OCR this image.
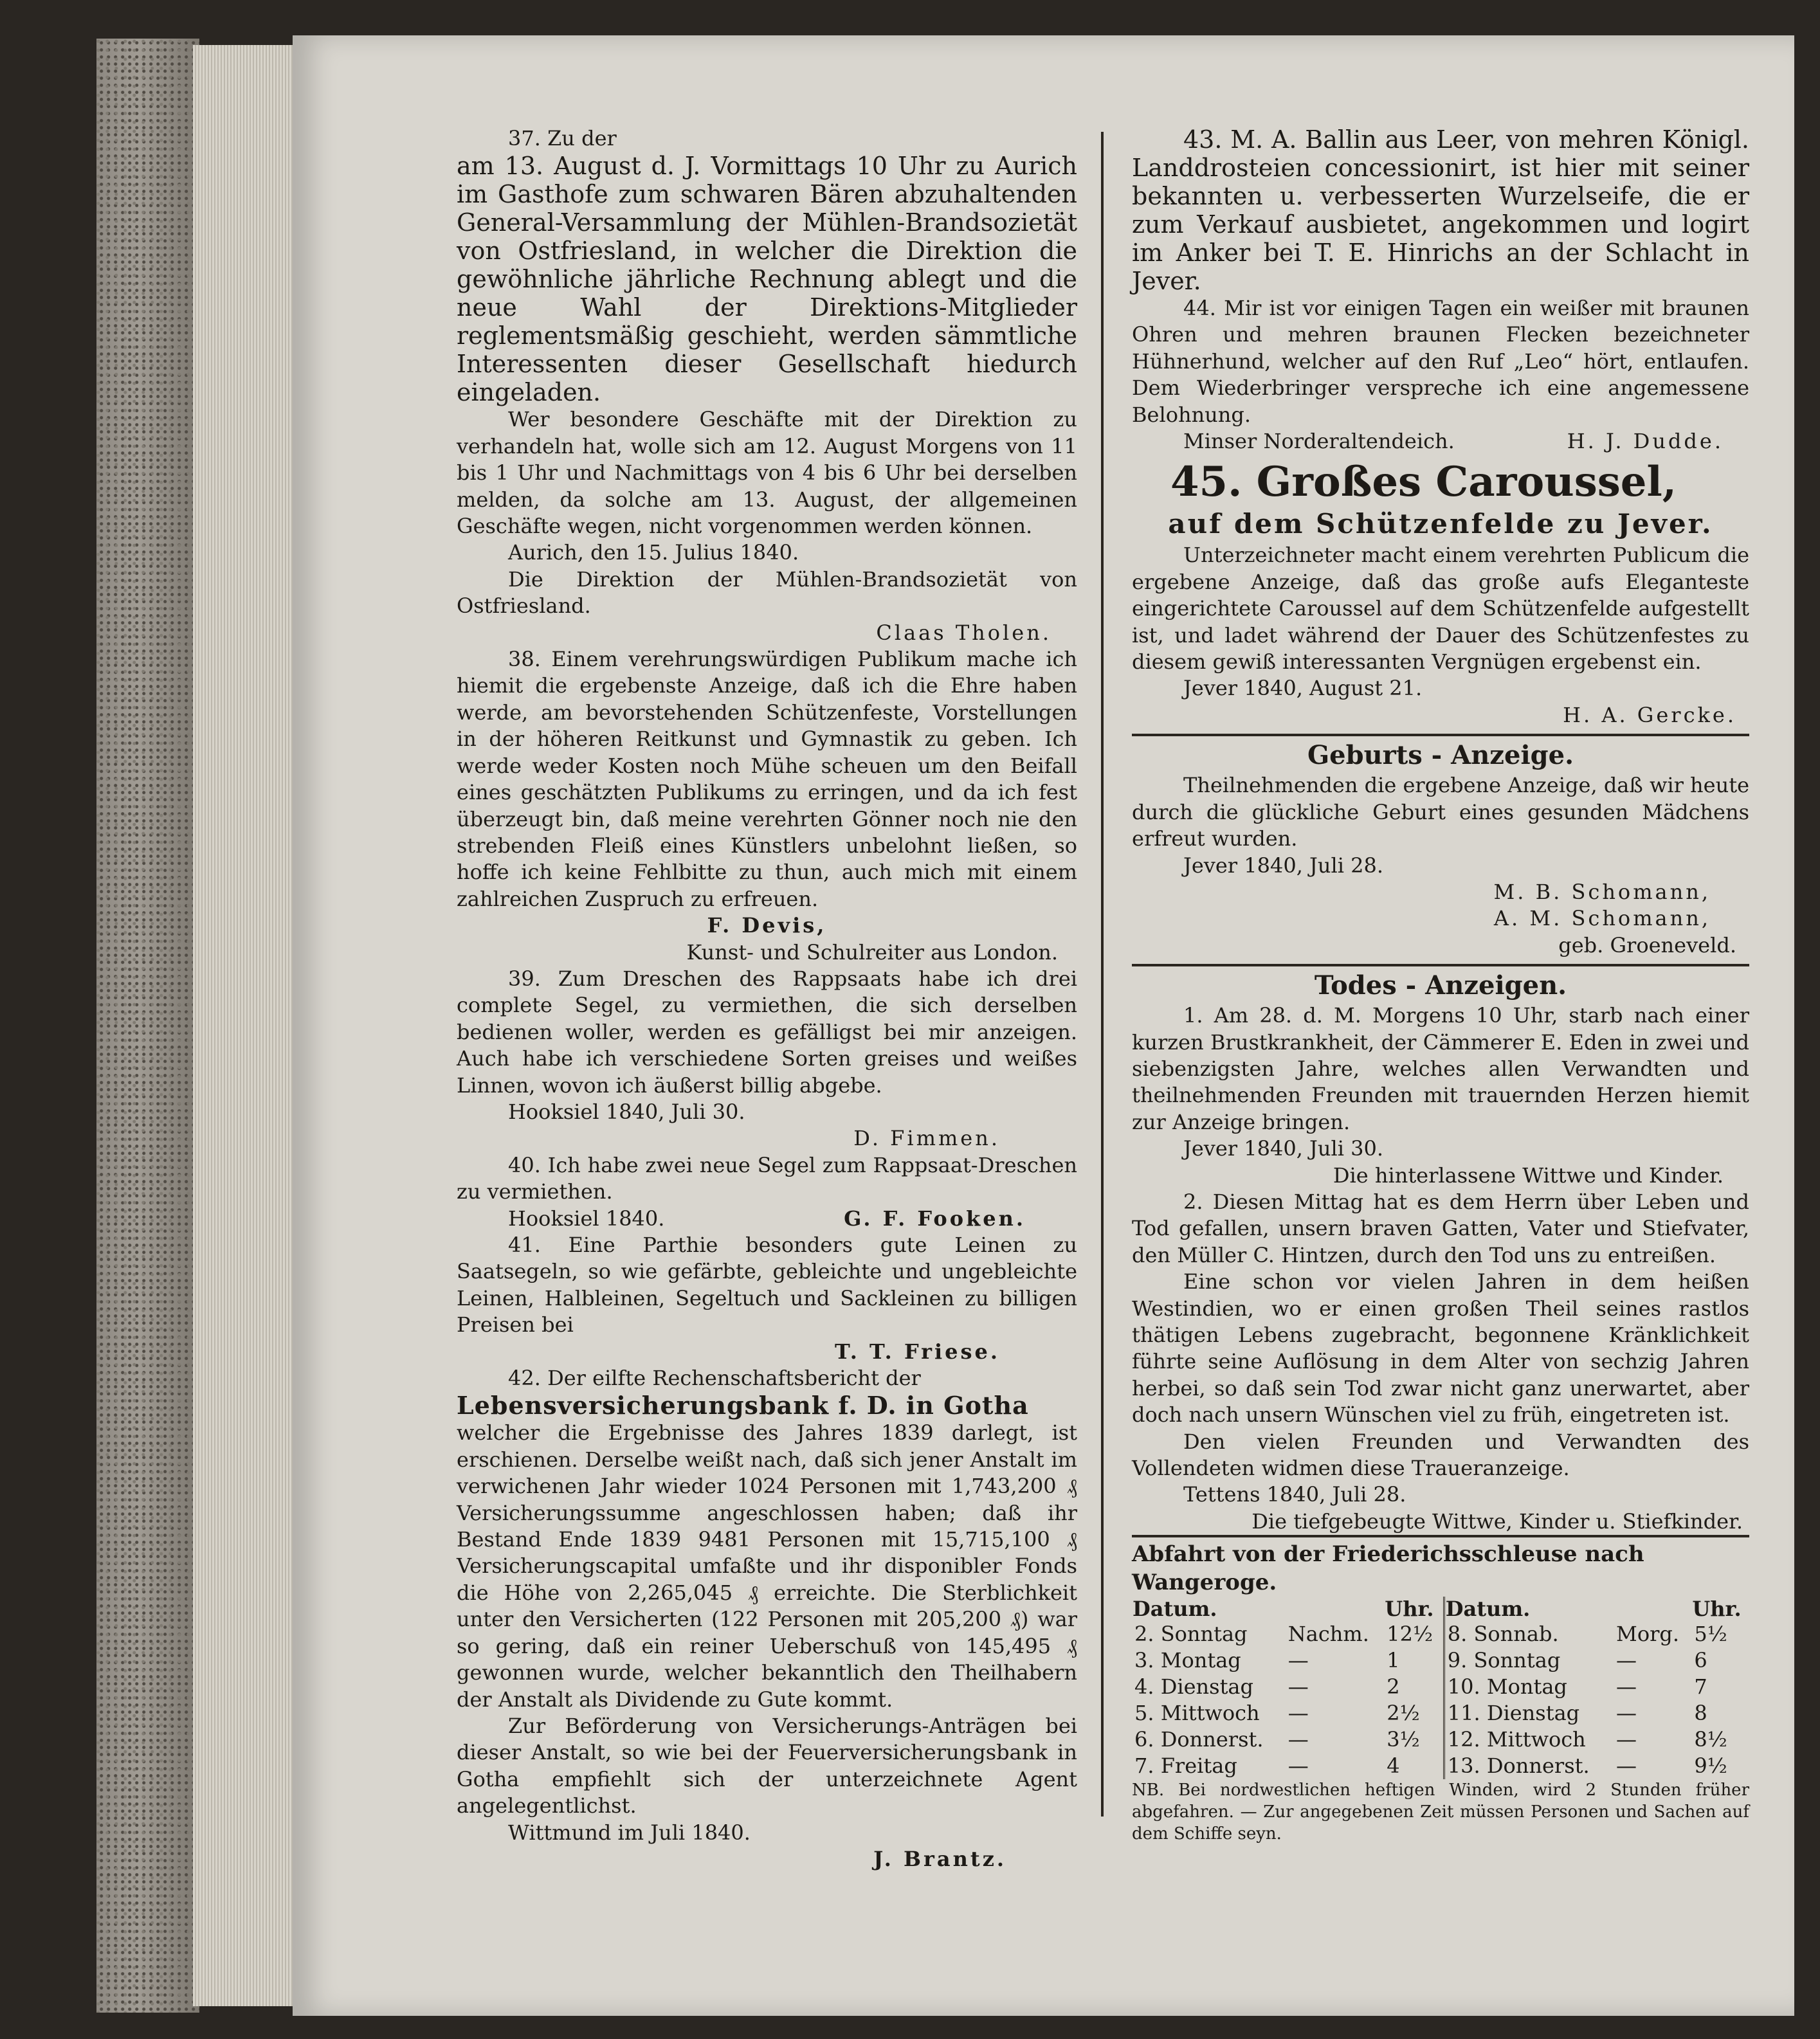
37. Zu der

am 13. August d. J. Vormittags 10 Uhr zu Aurich im Gasthofe zum schwaren Bären abzuhaltenden General-Versammlung der Mühlen-Brandsozietät von Ostfriesland, in welcher die Direktion die gewöhnliche jährliche Rechnung ablegt und die neue Wahl der Direktions-Mitglieder reglementsmäßig geschieht, werden sämmtliche Interessenten dieser Gesellschaft hiedurch eingeladen.

Wer besondere Geschäfte mit der Direktion zu verhandeln hat, wolle sich am 12. August Morgens von 11 bis 1 Uhr und Nachmittags von 4 bis 6 Uhr bei derselben melden, da solche am 13. August, der allgemeinen Geschäfte wegen, nicht vorgenommen werden können.

Aurich, den 15. Julius 1840.

Die Direktion der Mühlen-Brandsozietät von Ostfriesland.

Claas Tholen.

38. Einem verehrungswürdigen Publikum mache ich hiemit die ergebenste Anzeige, daß ich die Ehre haben werde, am bevorstehenden Schützenfeste, Vorstellungen in der höheren Reitkunst und Gymnastik zu geben. Ich werde weder Kosten noch Mühe scheuen um den Beifall eines geschätzten Publikums zu erringen, und da ich fest überzeugt bin, daß meine verehrten Gönner noch nie den strebenden Fleiß eines Künstlers unbelohnt ließen, so hoffe ich keine Fehlbitte zu thun, auch mich mit einem zahlreichen Zuspruch zu erfreuen.

F. Devis,

Kunst- und Schulreiter aus London.

39. Zum Dreschen des Rappsaats habe ich drei complete Segel, zu vermiethen, die sich derselben bedienen woller, werden es gefälligst bei mir anzeigen. Auch habe ich verschiedene Sorten greises und weißes Linnen, wovon ich äußerst billig abgebe.

Hooksiel 1840, Juli 30.

D. Fimmen.

40. Ich habe zwei neue Segel zum Rappsaat-Dreschen zu vermiethen.

Hooksiel 1840.	G. F. Fooken.

41. Eine Parthie besonders gute Leinen zu Saatsegeln, so wie gefärbte, gebleichte und ungebleichte Leinen, Halbleinen, Segeltuch und Sackleinen zu billigen Preisen bei

T. T. Friese.

42. Der eilfte Rechenschaftsbericht der

Lebensversicherungsbank f. D. in Gotha

welcher die Ergebnisse des Jahres 1839 darlegt, ist erschienen. Derselbe weißt nach, daß sich jener Anstalt im verwichenen Jahr wieder 1024 Personen mit 1,743,200 ₰ Versicherungssumme angeschlossen haben; daß ihr Bestand Ende 1839 9481 Personen mit 15,715,100 ₰ Versicherungscapital umfaßte und ihr disponibler Fonds die Höhe von 2,265,045 ₰ erreichte. Die Sterblichkeit unter den Versicherten (122 Personen mit 205,200 ₰) war so gering, daß ein reiner Ueberschuß von 145,495 ₰ gewonnen wurde, welcher bekanntlich den Theilhabern der Anstalt als Dividende zu Gute kommt.

Zur Beförderung von Versicherungs-Anträgen bei dieser Anstalt, so wie bei der Feuerversicherungsbank in Gotha empfiehlt sich der unterzeichnete Agent angelegentlichst.

Wittmund im Juli 1840.

J. Brantz.

43. M. A. Ballin aus Leer, von mehren Königl. Landdrosteien concessionirt, ist hier mit seiner bekannten u. verbesserten Wurzelseife, die er zum Verkauf ausbietet, angekommen und logirt im Anker bei T. E. Hinrichs an der Schlacht in Jever.

44. Mir ist vor einigen Tagen ein weißer mit braunen Ohren und mehren braunen Flecken bezeichneter Hühnerhund, welcher auf den Ruf „Leo“ hört, entlaufen. Dem Wiederbringer verspreche ich eine angemessene Belohnung.

Minser Norderaltendeich.	H. J. Dudde.

45. Großes Caroussel,
auf dem Schützenfelde zu Jever.

Unterzeichneter macht einem verehrten Publicum die ergebene Anzeige, daß das große aufs Eleganteste eingerichtete Caroussel auf dem Schützenfelde aufgestellt ist, und ladet während der Dauer des Schützenfestes zu diesem gewiß interessanten Vergnügen ergebenst ein.

Jever 1840, August 21.

H. A. Gercke.

Geburts - Anzeige.

Theilnehmenden die ergebene Anzeige, daß wir heute durch die glückliche Geburt eines gesunden Mädchens erfreut wurden.

Jever 1840, Juli 28.

M. B. Schomann,

A. M. Schomann,

geb. Groeneveld.

Todes - Anzeigen.

1. Am 28. d. M. Morgens 10 Uhr, starb nach einer kurzen Brustkrankheit, der Cämmerer E. Eden in zwei und siebenzigsten Jahre, welches allen Verwandten und theilnehmenden Freunden mit trauernden Herzen hiemit zur Anzeige bringen.

Jever 1840, Juli 30.

Die hinterlassene Wittwe und Kinder.

2. Diesen Mittag hat es dem Herrn über Leben und Tod gefallen, unsern braven Gatten, Vater und Stiefvater, den Müller C. Hintzen, durch den Tod uns zu entreißen.

Eine schon vor vielen Jahren in dem heißen Westindien, wo er einen großen Theil seines rastlos thätigen Lebens zugebracht, begonnene Kränklichkeit führte seine Auflösung in dem Alter von sechzig Jahren herbei, so daß sein Tod zwar nicht ganz unerwartet, aber doch nach unsern Wünschen viel zu früh, eingetreten ist.

Den vielen Freunden und Verwandten des Vollendeten widmen diese Traueranzeige.

Tettens 1840, Juli 28.

Die tiefgebeugte Wittwe, Kinder u. Stiefkinder.

Abfahrt von der Friederichsschleuse nach Wangeroge.
Datum.		Uhr.	Datum.		Uhr.
2. Sonntag	Nachm.	12½	8. Sonnab.	Morg.	5½
3. Montag	—	1	9. Sonntag	—	6
4. Dienstag	—	2	10. Montag	—	7
5. Mittwoch	—	2½	11. Dienstag	—	8
6. Donnerst.	—	3½	12. Mittwoch	—	8½
7. Freitag	—	4	13. Donnerst.	—	9½

NB. Bei nordwestlichen heftigen Winden, wird 2 Stunden früher abgefahren. — Zur angegebenen Zeit müssen Personen und Sachen auf dem Schiffe seyn.
